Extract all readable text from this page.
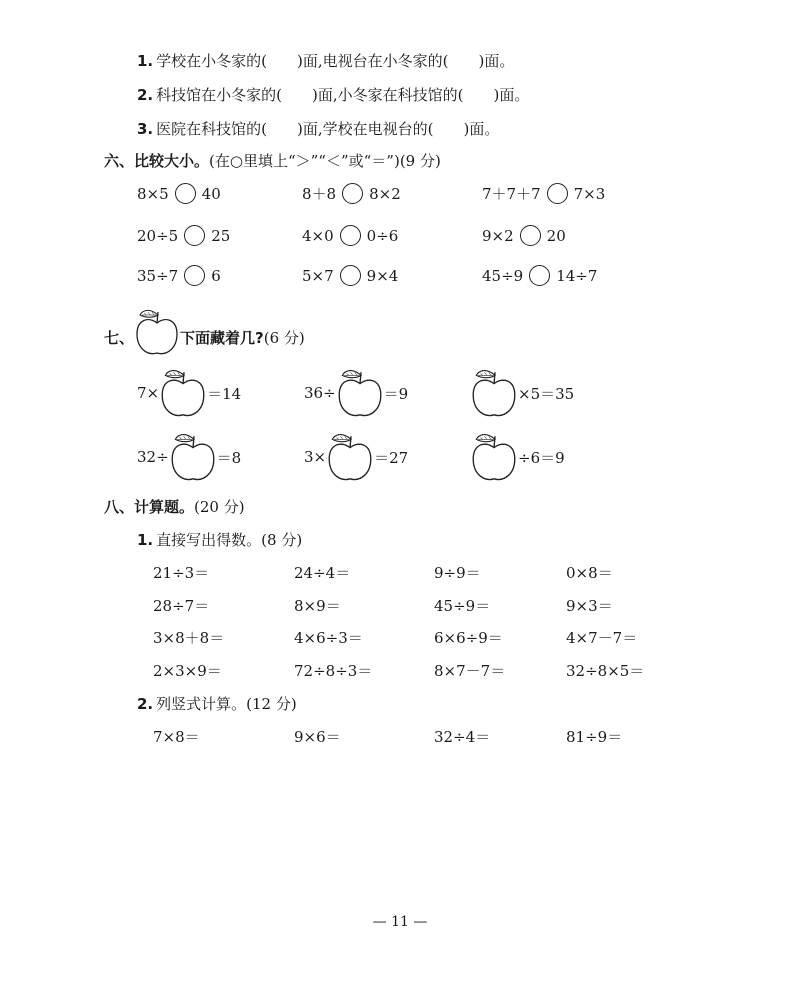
1. 学校在小冬家的(　　)面,电视台在小冬家的(　　)面。
2. 科技馆在小冬家的(　　)面,小冬家在科技馆的(　　)面。
3. 医院在科技馆的(　　)面,学校在电视台的(　　)面。
六、比较大小。(在○里填上“＞”“＜”或“＝”)(9 分)
8×5 40	8＋8 8×2	7＋7＋7 7×3
20÷5 25	4×0 0÷6	9×2 20
35÷7 6	5×7 9×4	45÷9 14÷7
七、	下面藏着几? (6 分)
7×	＝14	36÷	＝9	×5＝35
32÷	＝8	3×	＝27	÷6＝9
八、计算题。(20 分)
1. 直接写出得数。(8 分)
21÷3＝	24÷4＝	9÷9＝	0×8＝
28÷7＝	8×9＝	45÷9＝	9×3＝
3×8＋8＝	4×6÷3＝	6×6÷9＝	4×7－7＝
2×3×9＝	72÷8÷3＝	8×7－7＝	32÷8×5＝
2. 列竖式计算。(12 分)
7×8＝	9×6＝	32÷4＝	81÷9＝
— 11 —
